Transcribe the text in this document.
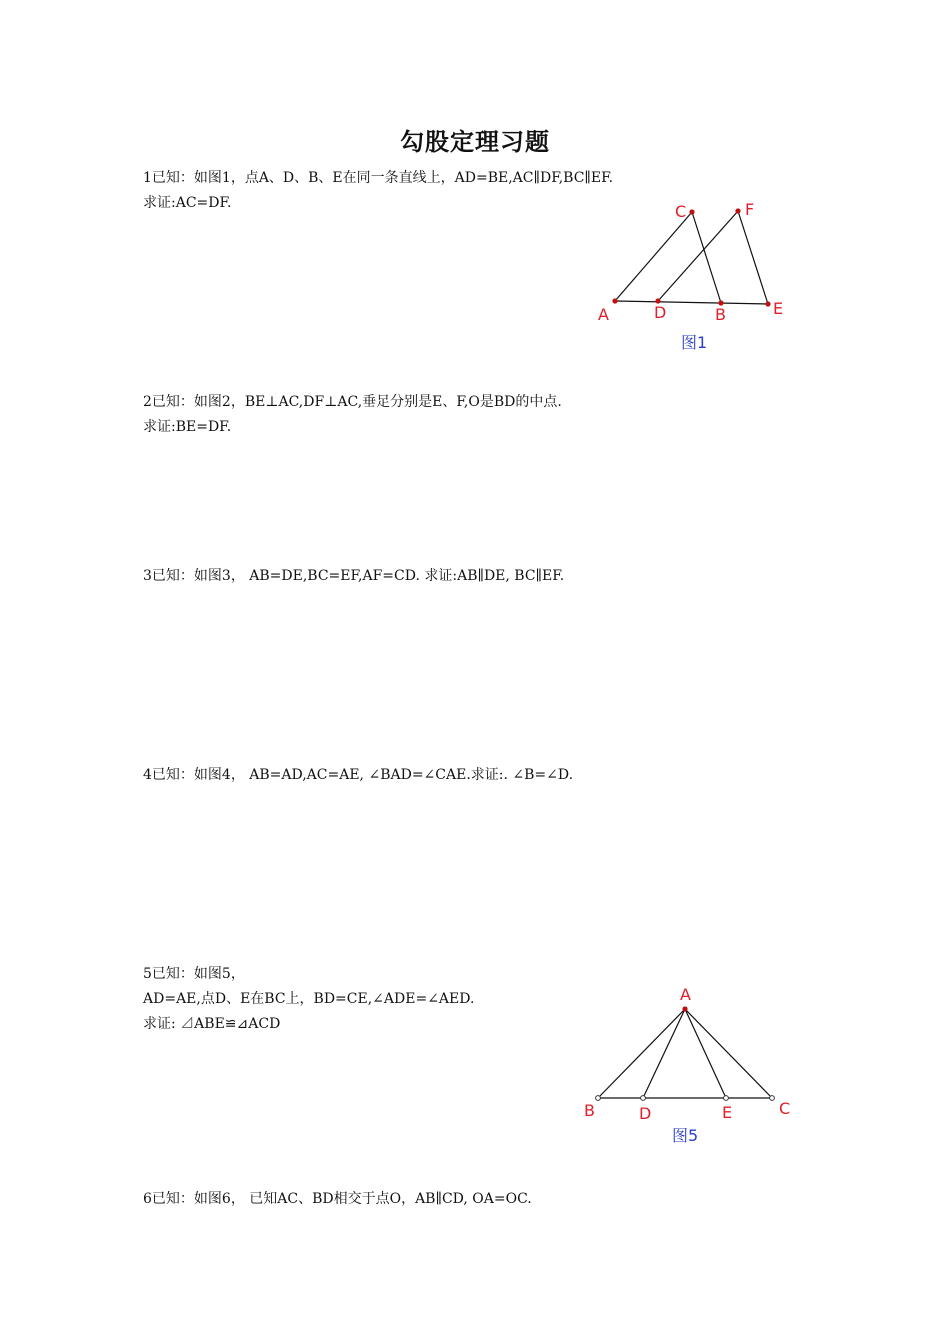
勾股定理习题
1已知：如图1，点A、D、B、E在同一条直线上，AD=BE,AC∥DF,BC∥EF.
求证:AC=DF.
2已知：如图2，BE⊥AC,DF⊥AC,垂足分别是E、F,O是BD的中点.
求证:BE=DF.
3已知：如图3， AB=DE,BC=EF,AF=CD. 求证:AB∥DE, BC∥EF.
4已知：如图4， AB=AD,AC=AE, ∠BAD=∠CAE.求证:. ∠B=∠D.
5已知：如图5，
AD=AE,点D、E在BC上，BD=CE,∠ADE=∠AED.
求证: ⊿ABE≌⊿ACD
6已知：如图6， 已知AC、BD相交于点O，AB∥CD, OA=OC.
A	D	B	E
C	F
图1
A
B	D	E	C
图5
